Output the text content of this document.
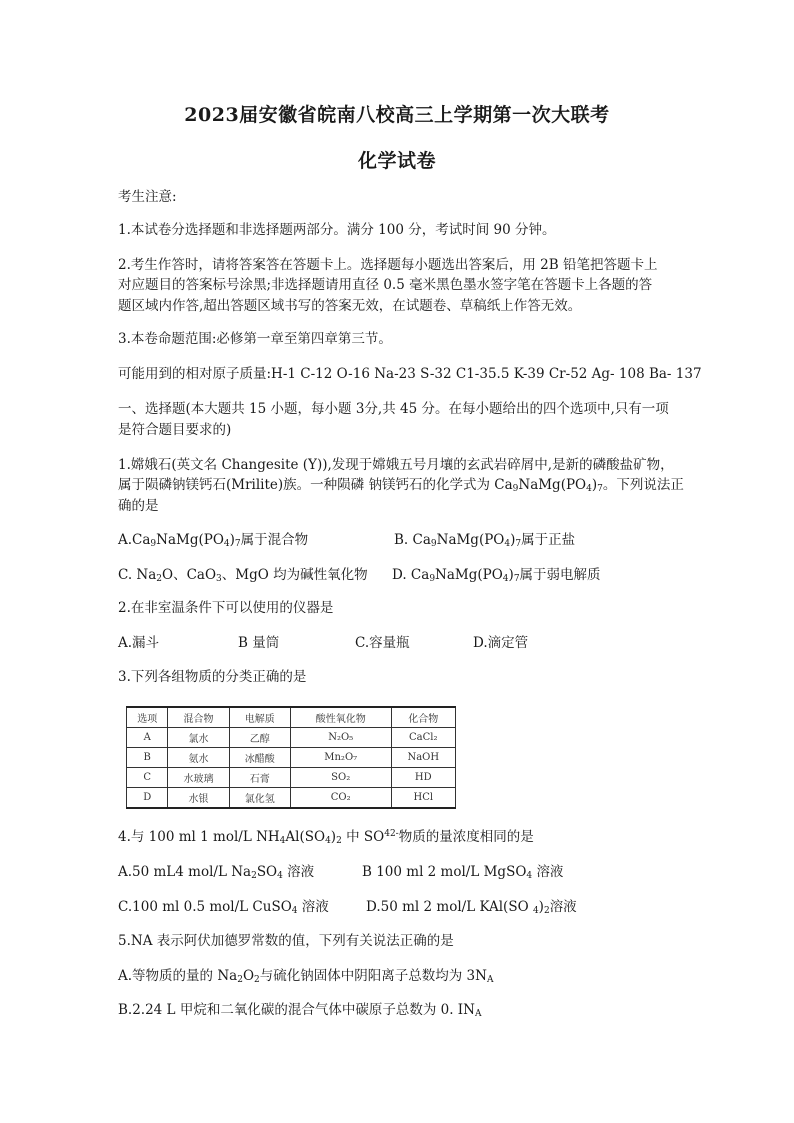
2023届安徽省皖南八校高三上学期第一次大联考
化学试卷
考生注意:
1.本试卷分选择题和非选择题两部分。满分 100 分，考试时间 90 分钟。
2.考生作答时，请将答案答在答题卡上。选择题每小题选出答案后，用 2B 铅笔把答题卡上
对应题目的答案标号涂黑;非选择题请用直径 0.5 毫米黑色墨水签字笔在答题卡上各题的答
题区域内作答,超出答题区域书写的答案无效，在试题卷、草稿纸上作答无效。
3.本卷命题范围:必修第一章至第四章第三节。
可能用到的相对原子质量:H-1 C-12 O-16 Na-23 S-32 C1-35.5 K-39 Cr-52 Ag- 108 Ba- 137
一、选择题(本大题共 15 小题，每小题 3分,共 45 分。在每小题给出的四个选项中,只有一项
是符合题目要求的)
1.嫦娥石(英文名 Changesite (Y)),发现于嫦娥五号月壤的玄武岩碎屑中,是新的磷酸盐矿物，
属于陨磷钠镁钙石(Mrilite)族。一种陨磷 钠镁钙石的化学式为 $Ca_9NaMg(PO_4)_7$。下列说法正
确的是
$A.Ca_9NaMg(PO_4)_7$属于混合物	B. $Ca_9NaMg(PO_4)_7$属于正盐
C. $Na_2O$、CaO$_3$、MgO 均为碱性氧化物 D. $Ca_9NaMg(PO_4)_7$属于弱电解质
2.在非室温条件下可以使用的仪器是
A.漏斗	B 量筒	C.容量瓶	D.滴定管
3.下列各组物质的分类正确的是
选项	混合物	电解质	酸性氧化物	化合物
A	氯水	乙醇	N₂O₅	CaCl₂
B	氨水	冰醋酸	Mn₂O₇	NaOH
C	水玻璃	石膏	SO₂	HD
D	水银	氯化氢	CO₂	HCl
4.与 100 ml 1 mol/L $NH_4Al(SO_4)_2$ 中 $SO^{42-}$物质的量浓度相同的是
A.50 mL4 mol/L $Na_2SO_4$ 溶液	B 100 ml 2 mol/L MgSO$_4$ 溶液
C.100 ml 0.5 mol/L CuSO$_4$ 溶液	D.50 ml 2 mol/L KAl(SO $_4)_2$溶液
5.NA 表示阿伏加德罗常数的值，下列有关说法正确的是
A.等物质的量的 $Na_2O_2$与硫化钠固体中阴阳离子总数均为 $3N_A$
B.2.24 L 甲烷和二氧化碳的混合气体中碳原子总数为 0. $IN_A$
